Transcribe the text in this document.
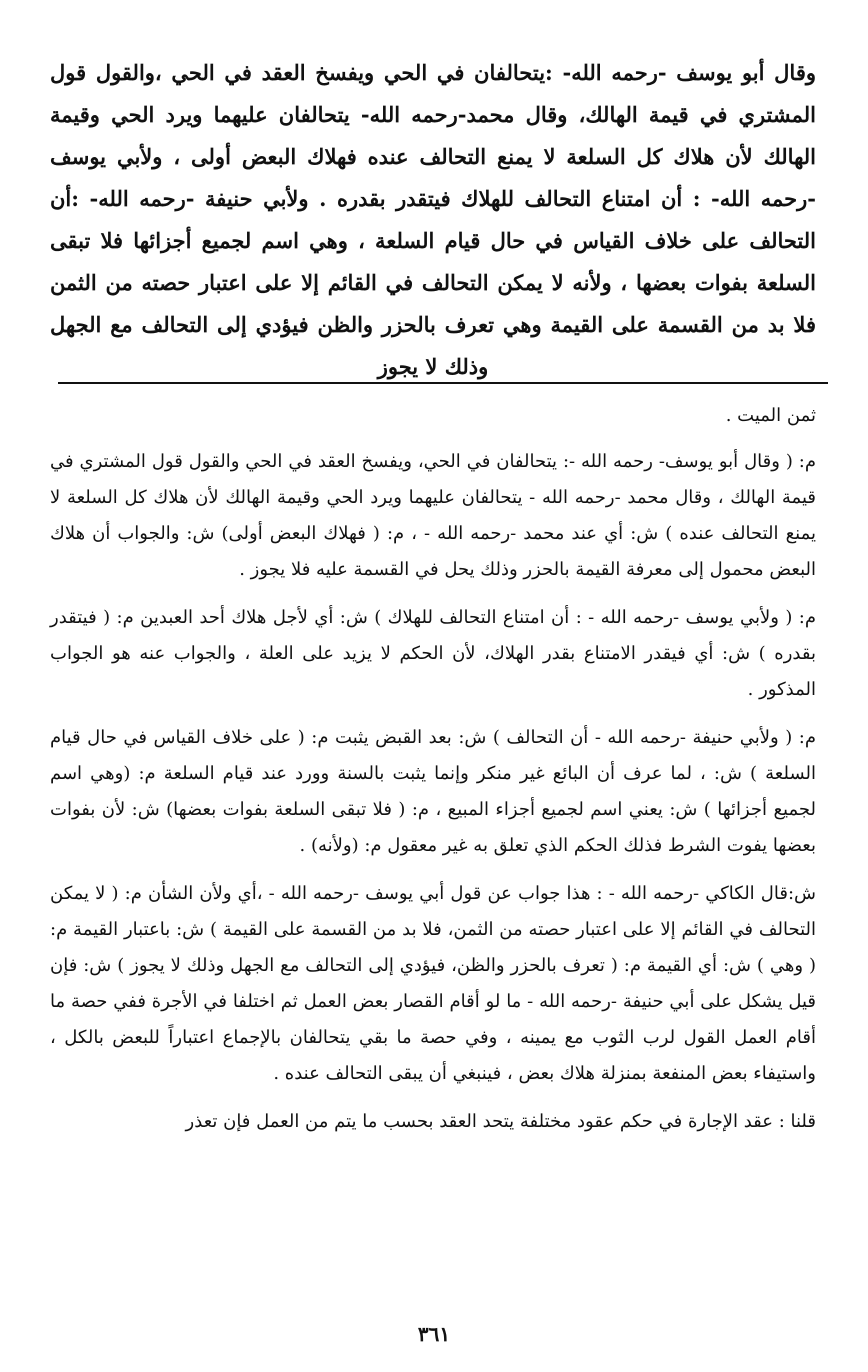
وقال أبو يوسف -رحمه الله- :يتحالفان في الحي ويفسخ العقد في الحي ،والقول قول المشتري في قيمة الهالك، وقال محمد-رحمه الله- يتحالفان عليهما ويرد الحي وقيمة الهالك لأن هلاك كل السلعة لا يمنع التحالف عنده فهلاك البعض أولى ، ولأبي يوسف -رحمه الله- : أن امتناع التحالف للهلاك فيتقدر بقدره . ولأبي حنيفة -رحمه الله- :أن التحالف على خلاف القياس في حال قيام السلعة ، وهي اسم لجميع أجزائها فلا تبقى السلعة بفوات بعضها ، ولأنه لا يمكن التحالف في القائم إلا على اعتبار حصته من الثمن فلا بد من القسمة على القيمة وهي تعرف بالحزر والظن فيؤدي إلى التحالف مع الجهل وذلك لا يجوز

ثمن الميت .

م: ( وقال أبو يوسف- رحمه الله -: يتحالفان في الحي، ويفسخ العقد في الحي والقول قول المشتري في قيمة الهالك ، وقال محمد -رحمه الله - يتحالفان عليهما ويرد الحي وقيمة الهالك لأن هلاك كل السلعة لا يمنع التحالف عنده ) ش: أي عند محمد -رحمه الله - ، م: ( فهلاك البعض أولى) ش: والجواب أن هلاك البعض محمول إلى معرفة القيمة بالحزر وذلك يحل في القسمة عليه فلا يجوز .

م: ( ولأبي يوسف -رحمه الله - : أن امتناع التحالف للهلاك ) ش: أي لأجل هلاك أحد العبدين م: ( فيتقدر بقدره ) ش: أي فيقدر الامتناع بقدر الهلاك، لأن الحكم لا يزيد على العلة ، والجواب عنه هو الجواب المذكور .

م: ( ولأبي حنيفة -رحمه الله - أن التحالف ) ش: بعد القبض يثبت م: ( على خلاف القياس في حال قيام السلعة ) ش: ، لما عرف أن البائع غير منكر وإنما يثبت بالسنة وورد عند قيام السلعة م: (وهي اسم لجميع أجزائها ) ش: يعني اسم لجميع أجزاء المبيع ، م: ( فلا تبقى السلعة بفوات بعضها) ش: لأن بفوات بعضها يفوت الشرط فذلك الحكم الذي تعلق به غير معقول م: (ولأنه) .

ش:قال الكاكي -رحمه الله - : هذا جواب عن قول أبي يوسف -رحمه الله - ،أي ولأن الشأن م: ( لا يمكن التحالف في القائم إلا على اعتبار حصته من الثمن، فلا بد من القسمة على القيمة ) ش: باعتبار القيمة م: ( وهي ) ش: أي القيمة م: ( تعرف بالحزر والظن، فيؤدي إلى التحالف مع الجهل وذلك لا يجوز ) ش: فإن قيل يشكل على أبي حنيفة -رحمه الله - ما لو أقام القصار بعض العمل ثم اختلفا في الأجرة ففي حصة ما أقام العمل القول لرب الثوب مع يمينه ، وفي حصة ما بقي يتحالفان بالإجماع اعتباراً للبعض بالكل ، واستيفاء بعض المنفعة بمنزلة هلاك بعض ، فينبغي أن يبقى التحالف عنده .

قلنا : عقد الإجارة في حكم عقود مختلفة يتحد العقد بحسب ما يتم من العمل فإن تعذر

٣٦١
